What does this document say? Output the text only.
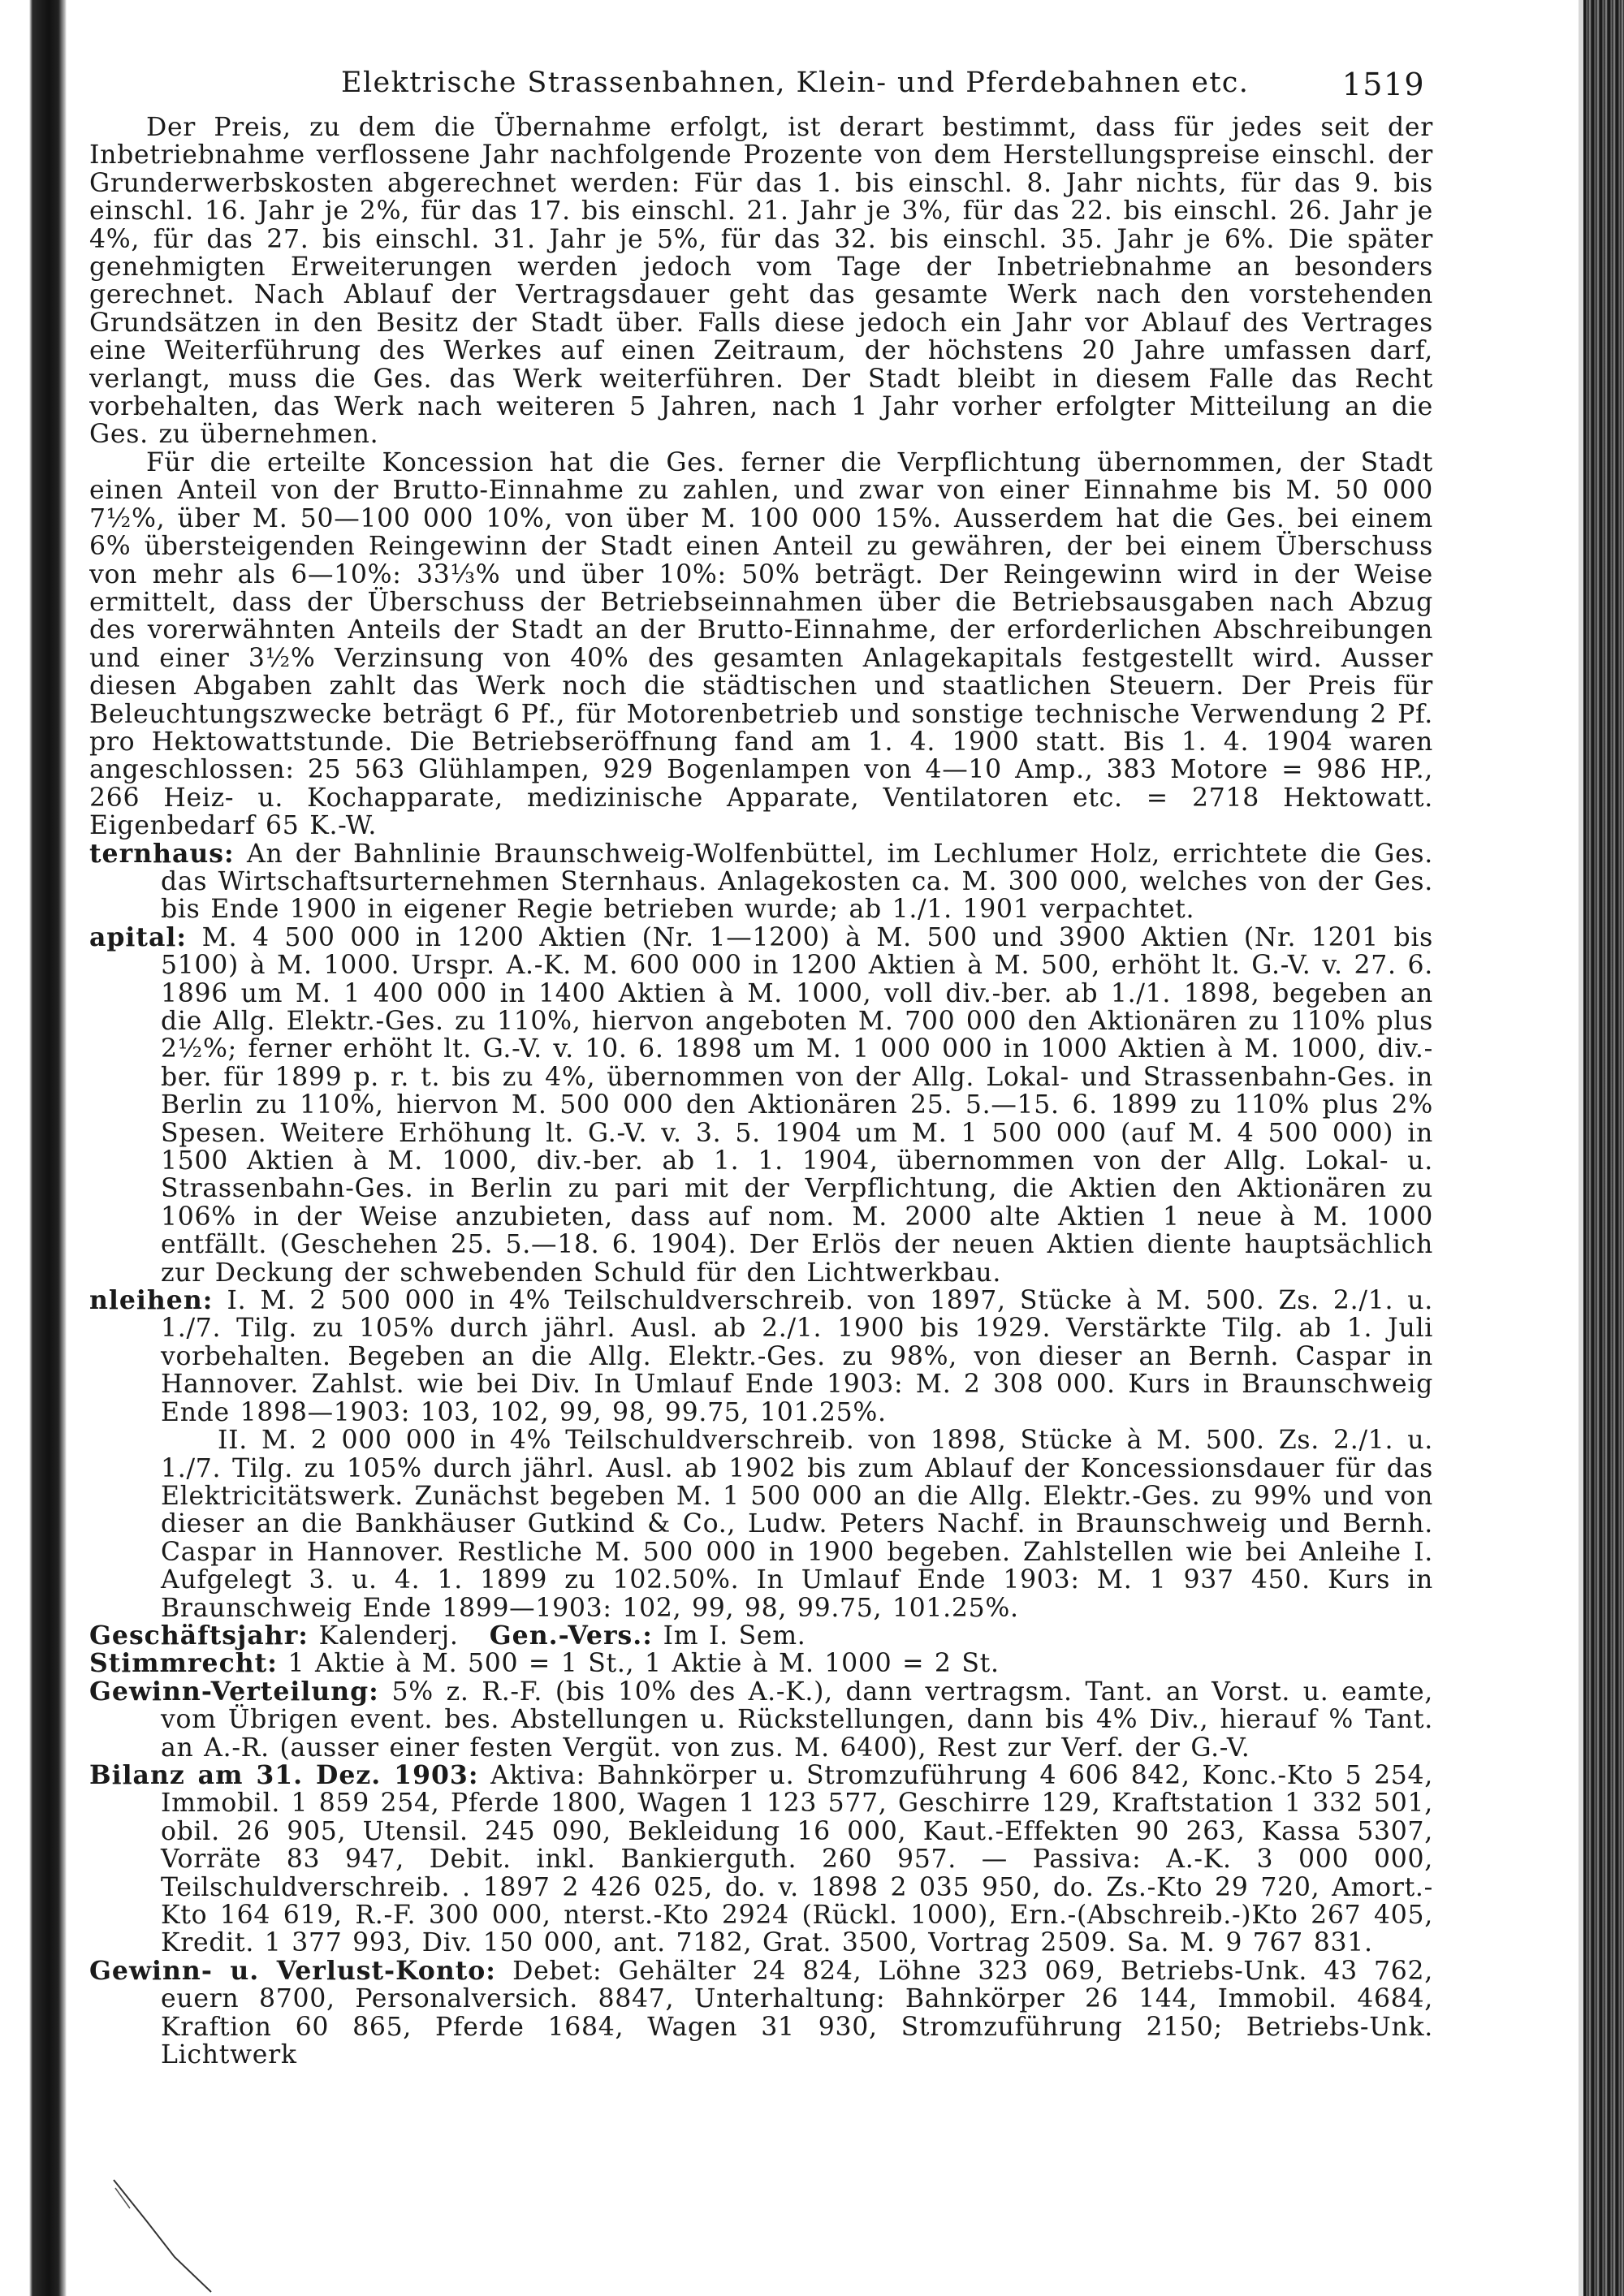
Elektrische Strassenbahnen, Klein- und Pferdebahnen etc.	1519

Der Preis, zu dem die Übernahme erfolgt, ist derart bestimmt, dass für jedes seit der Inbetriebnahme verflossene Jahr nachfolgende Prozente von dem Herstellungspreise einschl. der Grunderwerbskosten abgerechnet werden: Für das 1. bis einschl. 8. Jahr nichts, für das 9. bis einschl. 16. Jahr je 2%, für das 17. bis einschl. 21. Jahr je 3%, für das 22. bis einschl. 26. Jahr je 4%, für das 27. bis einschl. 31. Jahr je 5%, für das 32. bis einschl. 35. Jahr je 6%. Die später genehmigten Erweiterungen werden jedoch vom Tage der Inbetriebnahme an besonders gerechnet. Nach Ablauf der Vertragsdauer geht das gesamte Werk nach den vorstehenden Grundsätzen in den Besitz der Stadt über. Falls diese jedoch ein Jahr vor Ablauf des Vertrages eine Weiterführung des Werkes auf einen Zeitraum, der höchstens 20 Jahre umfassen darf, verlangt, muss die Ges. das Werk weiterführen. Der Stadt bleibt in diesem Falle das Recht vorbehalten, das Werk nach weiteren 5 Jahren, nach 1 Jahr vorher erfolgter Mitteilung an die Ges. zu übernehmen.

Für die erteilte Koncession hat die Ges. ferner die Verpflichtung übernommen, der Stadt einen Anteil von der Brutto-Einnahme zu zahlen, und zwar von einer Einnahme bis M. 50 000 7½%, über M. 50—100 000 10%, von über M. 100 000 15%. Ausserdem hat die Ges. bei einem 6% übersteigenden Reingewinn der Stadt einen Anteil zu gewähren, der bei einem Überschuss von mehr als 6—10%: 33⅓% und über 10%: 50% beträgt. Der Reingewinn wird in der Weise ermittelt, dass der Überschuss der Betriebseinnahmen über die Betriebsausgaben nach Abzug des vorerwähnten Anteils der Stadt an der Brutto-Einnahme, der erforderlichen Abschreibungen und einer 3½% Verzinsung von 40% des gesamten Anlagekapitals festgestellt wird. Ausser diesen Abgaben zahlt das Werk noch die städtischen und staatlichen Steuern. Der Preis für Beleuchtungszwecke beträgt 6 Pf., für Motorenbetrieb und sonstige technische Verwendung 2 Pf. pro Hektowattstunde. Die Betriebseröffnung fand am 1. 4. 1900 statt. Bis 1. 4. 1904 waren angeschlossen: 25 563 Glühlampen, 929 Bogenlampen von 4—10 Amp., 383 Motore = 986 HP., 266 Heiz- u. Kochapparate, medizinische Apparate, Ventilatoren etc. = 2718 Hektowatt. Eigenbedarf 65 K.-W.

ternhaus: An der Bahnlinie Braunschweig-Wolfenbüttel, im Lechlumer Holz, errichtete die Ges. das Wirtschaftsurternehmen Sternhaus. Anlagekosten ca. M. 300 000, welches von der Ges. bis Ende 1900 in eigener Regie betrieben wurde; ab 1./1. 1901 verpachtet.

apital: M. 4 500 000 in 1200 Aktien (Nr. 1—1200) à M. 500 und 3900 Aktien (Nr. 1201 bis 5100) à M. 1000. Urspr. A.-K. M. 600 000 in 1200 Aktien à M. 500, erhöht lt. G.-V. v. 27. 6. 1896 um M. 1 400 000 in 1400 Aktien à M. 1000, voll div.-ber. ab 1./1. 1898, begeben an die Allg. Elektr.-Ges. zu 110%, hiervon angeboten M. 700 000 den Aktionären zu 110% plus 2½%; ferner erhöht lt. G.-V. v. 10. 6. 1898 um M. 1 000 000 in 1000 Aktien à M. 1000, div.-ber. für 1899 p. r. t. bis zu 4%, übernommen von der Allg. Lokal- und Strassenbahn-Ges. in Berlin zu 110%, hiervon M. 500 000 den Aktionären 25. 5.—15. 6. 1899 zu 110% plus 2% Spesen. Weitere Erhöhung lt. G.-V. v. 3. 5. 1904 um M. 1 500 000 (auf M. 4 500 000) in 1500 Aktien à M. 1000, div.-ber. ab 1. 1. 1904, übernommen von der Allg. Lokal- u. Strassenbahn-Ges. in Berlin zu pari mit der Verpflichtung, die Aktien den Aktionären zu 106% in der Weise anzubieten, dass auf nom. M. 2000 alte Aktien 1 neue à M. 1000 entfällt. (Geschehen 25. 5.—18. 6. 1904). Der Erlös der neuen Aktien diente hauptsächlich zur Deckung der schwebenden Schuld für den Lichtwerkbau.

nleihen: I. M. 2 500 000 in 4% Teilschuldverschreib. von 1897, Stücke à M. 500. Zs. 2./1. u. 1./7. Tilg. zu 105% durch jährl. Ausl. ab 2./1. 1900 bis 1929. Verstärkte Tilg. ab 1. Juli vorbehalten. Begeben an die Allg. Elektr.-Ges. zu 98%, von dieser an Bernh. Caspar in Hannover. Zahlst. wie bei Div. In Umlauf Ende 1903: M. 2 308 000. Kurs in Braunschweig Ende 1898—1903: 103, 102, 99, 98, 99.75, 101.25%.

II. M. 2 000 000 in 4% Teilschuldverschreib. von 1898, Stücke à M. 500. Zs. 2./1. u. 1./7. Tilg. zu 105% durch jährl. Ausl. ab 1902 bis zum Ablauf der Koncessionsdauer für das Elektricitätswerk. Zunächst begeben M. 1 500 000 an die Allg. Elektr.-Ges. zu 99% und von dieser an die Bankhäuser Gutkind & Co., Ludw. Peters Nachf. in Braunschweig und Bernh. Caspar in Hannover. Restliche M. 500 000 in 1900 begeben. Zahlstellen wie bei Anleihe I. Aufgelegt 3. u. 4. 1. 1899 zu 102.50%. In Umlauf Ende 1903: M. 1 937 450. Kurs in Braunschweig Ende 1899—1903: 102, 99, 98, 99.75, 101.25%.

Geschäftsjahr: Kalenderj. Gen.-Vers.: Im I. Sem.

Stimmrecht: 1 Aktie à M. 500 = 1 St., 1 Aktie à M. 1000 = 2 St.

Gewinn-Verteilung: 5% z. R.-F. (bis 10% des A.-K.), dann vertragsm. Tant. an Vorst. u. eamte, vom Übrigen event. bes. Abstellungen u. Rückstellungen, dann bis 4% Div., hierauf % Tant. an A.-R. (ausser einer festen Vergüt. von zus. M. 6400), Rest zur Verf. der G.-V.

Bilanz am 31. Dez. 1903: Aktiva: Bahnkörper u. Stromzuführung 4 606 842, Konc.-Kto 5 254, Immobil. 1 859 254, Pferde 1800, Wagen 1 123 577, Geschirre 129, Kraftstation 1 332 501, obil. 26 905, Utensil. 245 090, Bekleidung 16 000, Kaut.-Effekten 90 263, Kassa 5307, Vorräte 83 947, Debit. inkl. Bankierguth. 260 957. — Passiva: A.-K. 3 000 000, Teilschuldverschreib. . 1897 2 426 025, do. v. 1898 2 035 950, do. Zs.-Kto 29 720, Amort.-Kto 164 619, R.-F. 300 000, nterst.-Kto 2924 (Rückl. 1000), Ern.-(Abschreib.-)Kto 267 405, Kredit. 1 377 993, Div. 150 000, ant. 7182, Grat. 3500, Vortrag 2509. Sa. M. 9 767 831.

Gewinn- u. Verlust-Konto: Debet: Gehälter 24 824, Löhne 323 069, Betriebs-Unk. 43 762, euern 8700, Personalversich. 8847, Unterhaltung: Bahnkörper 26 144, Immobil. 4684, Kraftion 60 865, Pferde 1684, Wagen 31 930, Stromzuführung 2150; Betriebs-Unk. Lichtwerk
